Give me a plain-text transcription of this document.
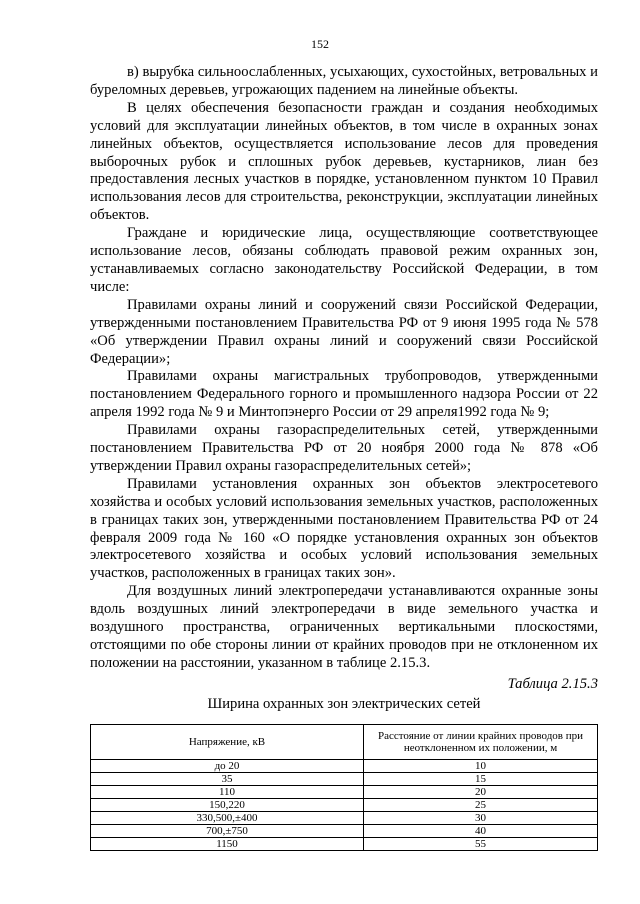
152

в) вырубка сильноослабленных, усыхающих, сухостойных, ветровальных и буреломных деревьев, угрожающих падением на линейные объекты.

В целях обеспечения безопасности граждан и создания необходимых условий для эксплуатации линейных объектов, в том числе в охранных зонах линейных объектов, осуществляется использование лесов для проведения выборочных рубок и сплошных рубок деревьев, кустарников, лиан без предоставления лесных участков в порядке, установленном пунктом 10 Правил использования лесов для строительства, реконструкции, эксплуатации линейных объектов.

Граждане и юридические лица, осуществляющие соответствующее использование лесов, обязаны соблюдать правовой режим охранных зон, устанавливаемых согласно законодательству Российской Федерации, в том числе:

Правилами охраны линий и сооружений связи Российской Федерации, утвержденными постановлением Правительства РФ от 9 июня 1995 года № 578 «Об утверждении Правил охраны линий и сооружений связи Российской Федерации»;

Правилами охраны магистральных трубопроводов, утвержденными постановлением Федерального горного и промышленного надзора России от 22 апреля 1992 года № 9 и Минтопэнерго России от 29 апреля1992 года № 9;

Правилами охраны газораспределительных сетей, утвержденными постановлением Правительства РФ от 20 ноября 2000 года № 878 «Об утверждении Правил охраны газораспределительных сетей»;

Правилами установления охранных зон объектов электросетевого хозяйства и особых условий использования земельных участков, расположенных в границах таких зон, утвержденными постановлением Правительства РФ от 24 февраля 2009 года № 160 «О порядке установления охранных зон объектов электросетевого хозяйства и особых условий использования земельных участков, расположенных в границах таких зон».

Для воздушных линий электропередачи устанавливаются охранные зоны вдоль воздушных линий электропередачи в виде земельного участка и воздушного пространства, ограниченных вертикальными плоскостями, отстоящими по обе стороны линии от крайних проводов при не отклоненном их положении на расстоянии, указанном в таблице 2.15.3.

Таблица 2.15.3
Ширина охранных зон электрических сетей
Напряжение, кВ	Расстояние от линии крайних проводов при неотклоненном их положении, м
до 20	10
35	15
110	20
150,220	25
330,500,±400	30
700,±750	40
1150	55
